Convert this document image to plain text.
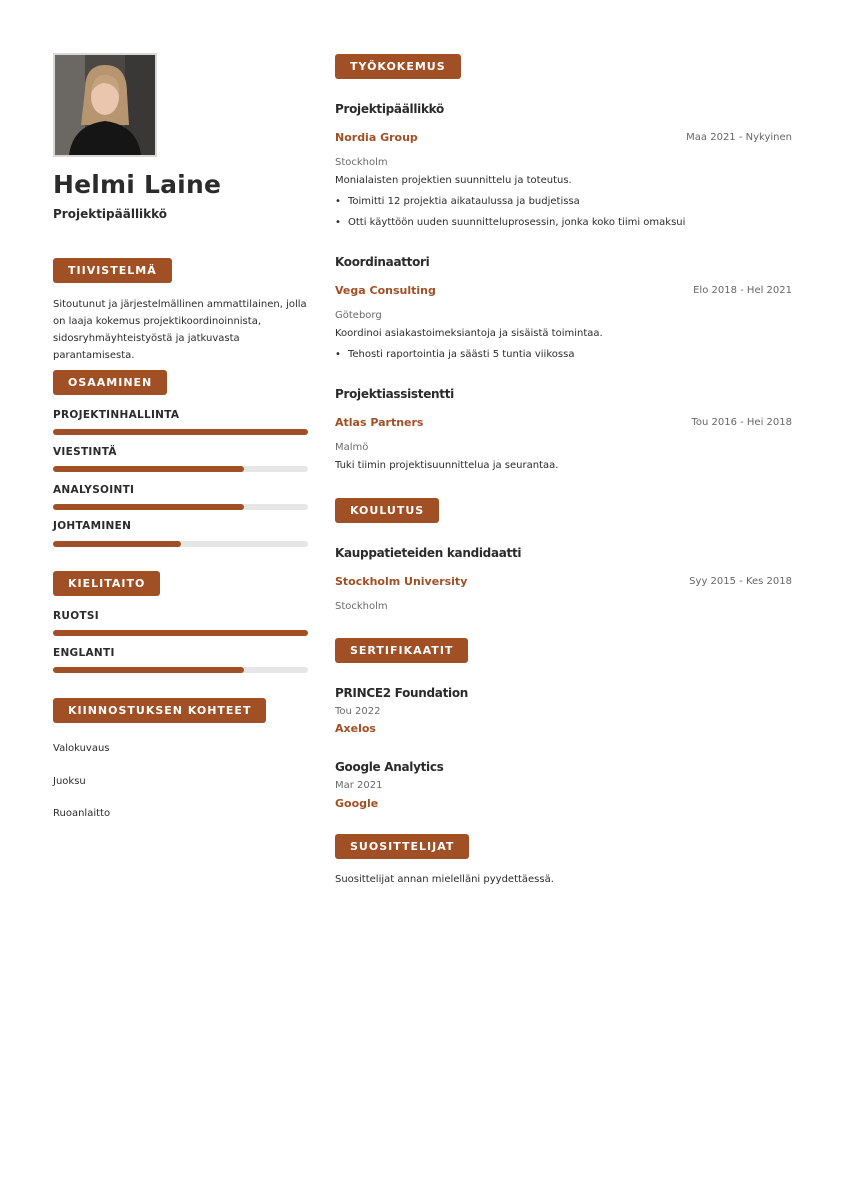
Helmi Laine
Projektipäällikkö
TIIVISTELMÄ
Sitoutunut ja järjestelmällinen ammattilainen, jolla on laaja kokemus projektikoordinoinnista, sidosryhmäyhteistyöstä ja jatkuvasta parantamisesta.
OSAAMINEN
PROJEKTINHALLINTA
VIESTINTÄ
ANALYSOINTI
JOHTAMINEN
KIELITAITO
RUOTSI
ENGLANTI
KIINNOSTUKSEN KOHTEET
Valokuvaus
Juoksu
Ruoanlaitto
TYÖKOKEMUS
Projektipäällikkö
Nordia Group	Maa 2021 - Nykyinen
Stockholm
Monialaisten projektien suunnittelu ja toteutus.
• Toimitti 12 projektia aikataulussa ja budjetissa
• Otti käyttöön uuden suunnitteluprosessin, jonka koko tiimi omaksui
Koordinaattori
Vega Consulting	Elo 2018 - Hel 2021
Göteborg
Koordinoi asiakastoimeksiantoja ja sisäistä toimintaa.
• Tehosti raportointia ja säästi 5 tuntia viikossa
Projektiassistentti
Atlas Partners	Tou 2016 - Hei 2018
Malmö
Tuki tiimin projektisuunnittelua ja seurantaa.
KOULUTUS
Kauppatieteiden kandidaatti
Stockholm University	Syy 2015 - Kes 2018
Stockholm
SERTIFIKAATIT
PRINCE2 Foundation
Tou 2022
Axelos
Google Analytics
Mar 2021
Google
SUOSITTELIJAT
Suosittelijat annan mielelläni pyydettäessä.
